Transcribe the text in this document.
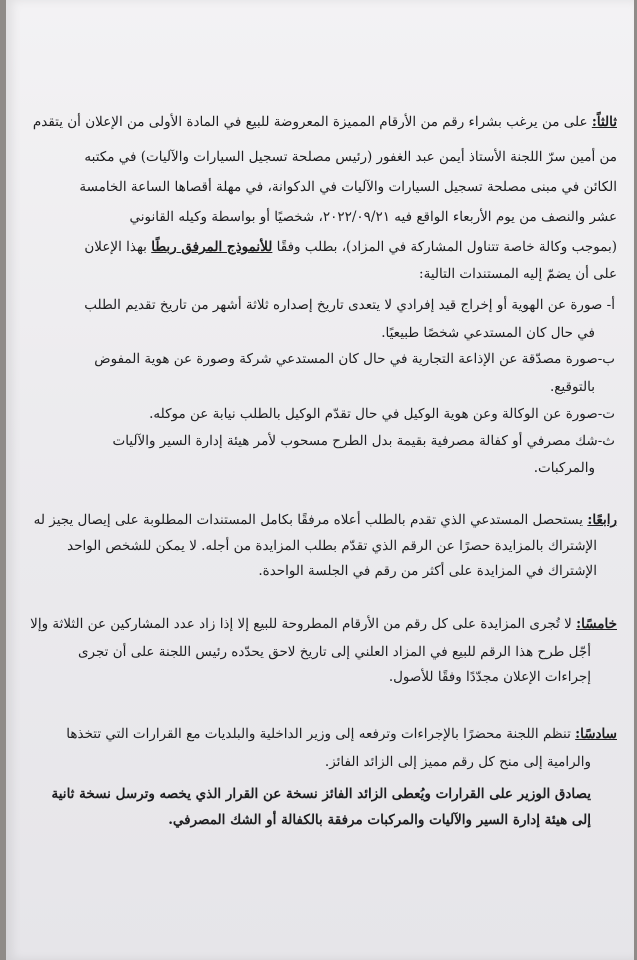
ثالثاً: على من يرغب بشراء رقم من الأرقام المميزة المعروضة للبيع في المادة الأولى من الإعلان أن يتقدم
من أمين سرّ اللجنة الأستاذ أيمن عبد الغفور (رئيس مصلحة تسجيل السيارات والآليات) في مكتبه
الكائن في مبنى مصلحة تسجيل السيارات والآليات في الدكوانة، في مهلة أقصاها الساعة الخامسة
عشر والنصف من يوم الأربعاء الواقع فيه ٢٠٢٢/٠٩/٢١، شخصيًا أو بواسطة وكيله القانوني
(بموجب وكالة خاصة تتناول المشاركة في المزاد)، بطلب وفقًا للأنموذج المرفق ربطًا بهذا الإعلان
على أن يضمّ إليه المستندات التالية:
أ- صورة عن الهوية أو إخراج قيد إفرادي لا يتعدى تاريخ إصداره ثلاثة أشهر من تاريخ تقديم الطلب
في حال كان المستدعي شخصًا طبيعيًا.
ب-صورة مصدّقة عن الإذاعة التجارية في حال كان المستدعي شركة وصورة عن هوية المفوض
بالتوقيع.
ت-صورة عن الوكالة وعن هوية الوكيل في حال تقدّم الوكيل بالطلب نيابة عن موكله.
ث-شك مصرفي أو كفالة مصرفية بقيمة بدل الطرح مسحوب لأمر هيئة إدارة السير والآليات
والمركبات.
رابعًا: يستحصل المستدعي الذي تقدم بالطلب أعلاه مرفقًا بكامل المستندات المطلوبة على إيصال يجيز له
الإشتراك بالمزايدة حصرًا عن الرقم الذي تقدّم بطلب المزايدة من أجله. لا يمكن للشخص الواحد
الإشتراك في المزايدة على أكثر من رقم في الجلسة الواحدة.
خامسًا: لا تُجرى المزايدة على كل رقم من الأرقام المطروحة للبيع إلا إذا زاد عدد المشاركين عن الثلاثة وإلا
أجّل طرح هذا الرقم للبيع في المزاد العلني إلى تاريخ لاحق يحدّده رئيس اللجنة على أن تجرى
إجراءات الإعلان مجدّدًا وفقًا للأصول.
سادسًا: تنظم اللجنة محضرًا بالإجراءات وترفعه إلى وزير الداخلية والبلديات مع القرارات التي تتخذها
والرامية إلى منح كل رقم مميز إلى الزائد الفائز.
يصادق الوزير على القرارات ويُعطى الزائد الفائز نسخة عن القرار الذي يخصه وترسل نسخة ثانية
إلى هيئة إدارة السير والآليات والمركبات مرفقة بالكفالة أو الشك المصرفي.
